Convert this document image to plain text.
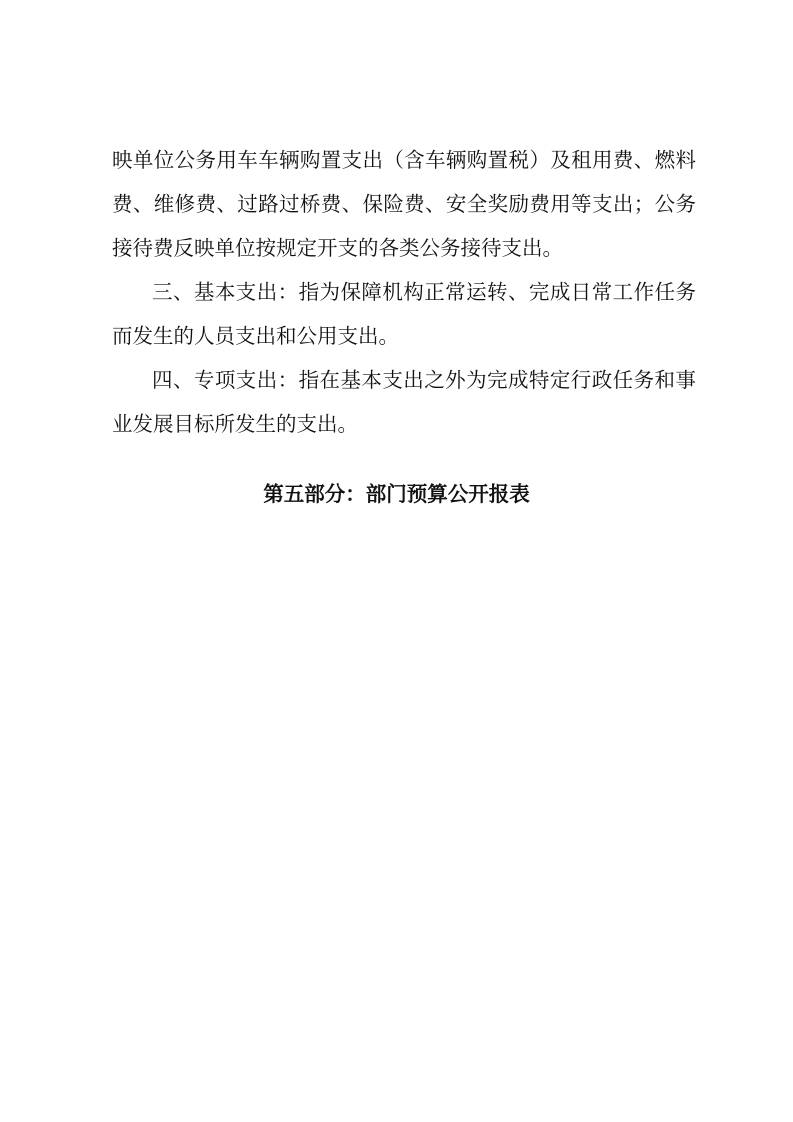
映单位公务用车车辆购置支出（含车辆购置税）及租用费、燃料
费、维修费、过路过桥费、保险费、安全奖励费用等支出；公务
接待费反映单位按规定开支的各类公务接待支出。
三、基本支出：指为保障机构正常运转、完成日常工作任务
而发生的人员支出和公用支出。
四、专项支出：指在基本支出之外为完成特定行政任务和事
业发展目标所发生的支出。
第五部分：部门预算公开报表
